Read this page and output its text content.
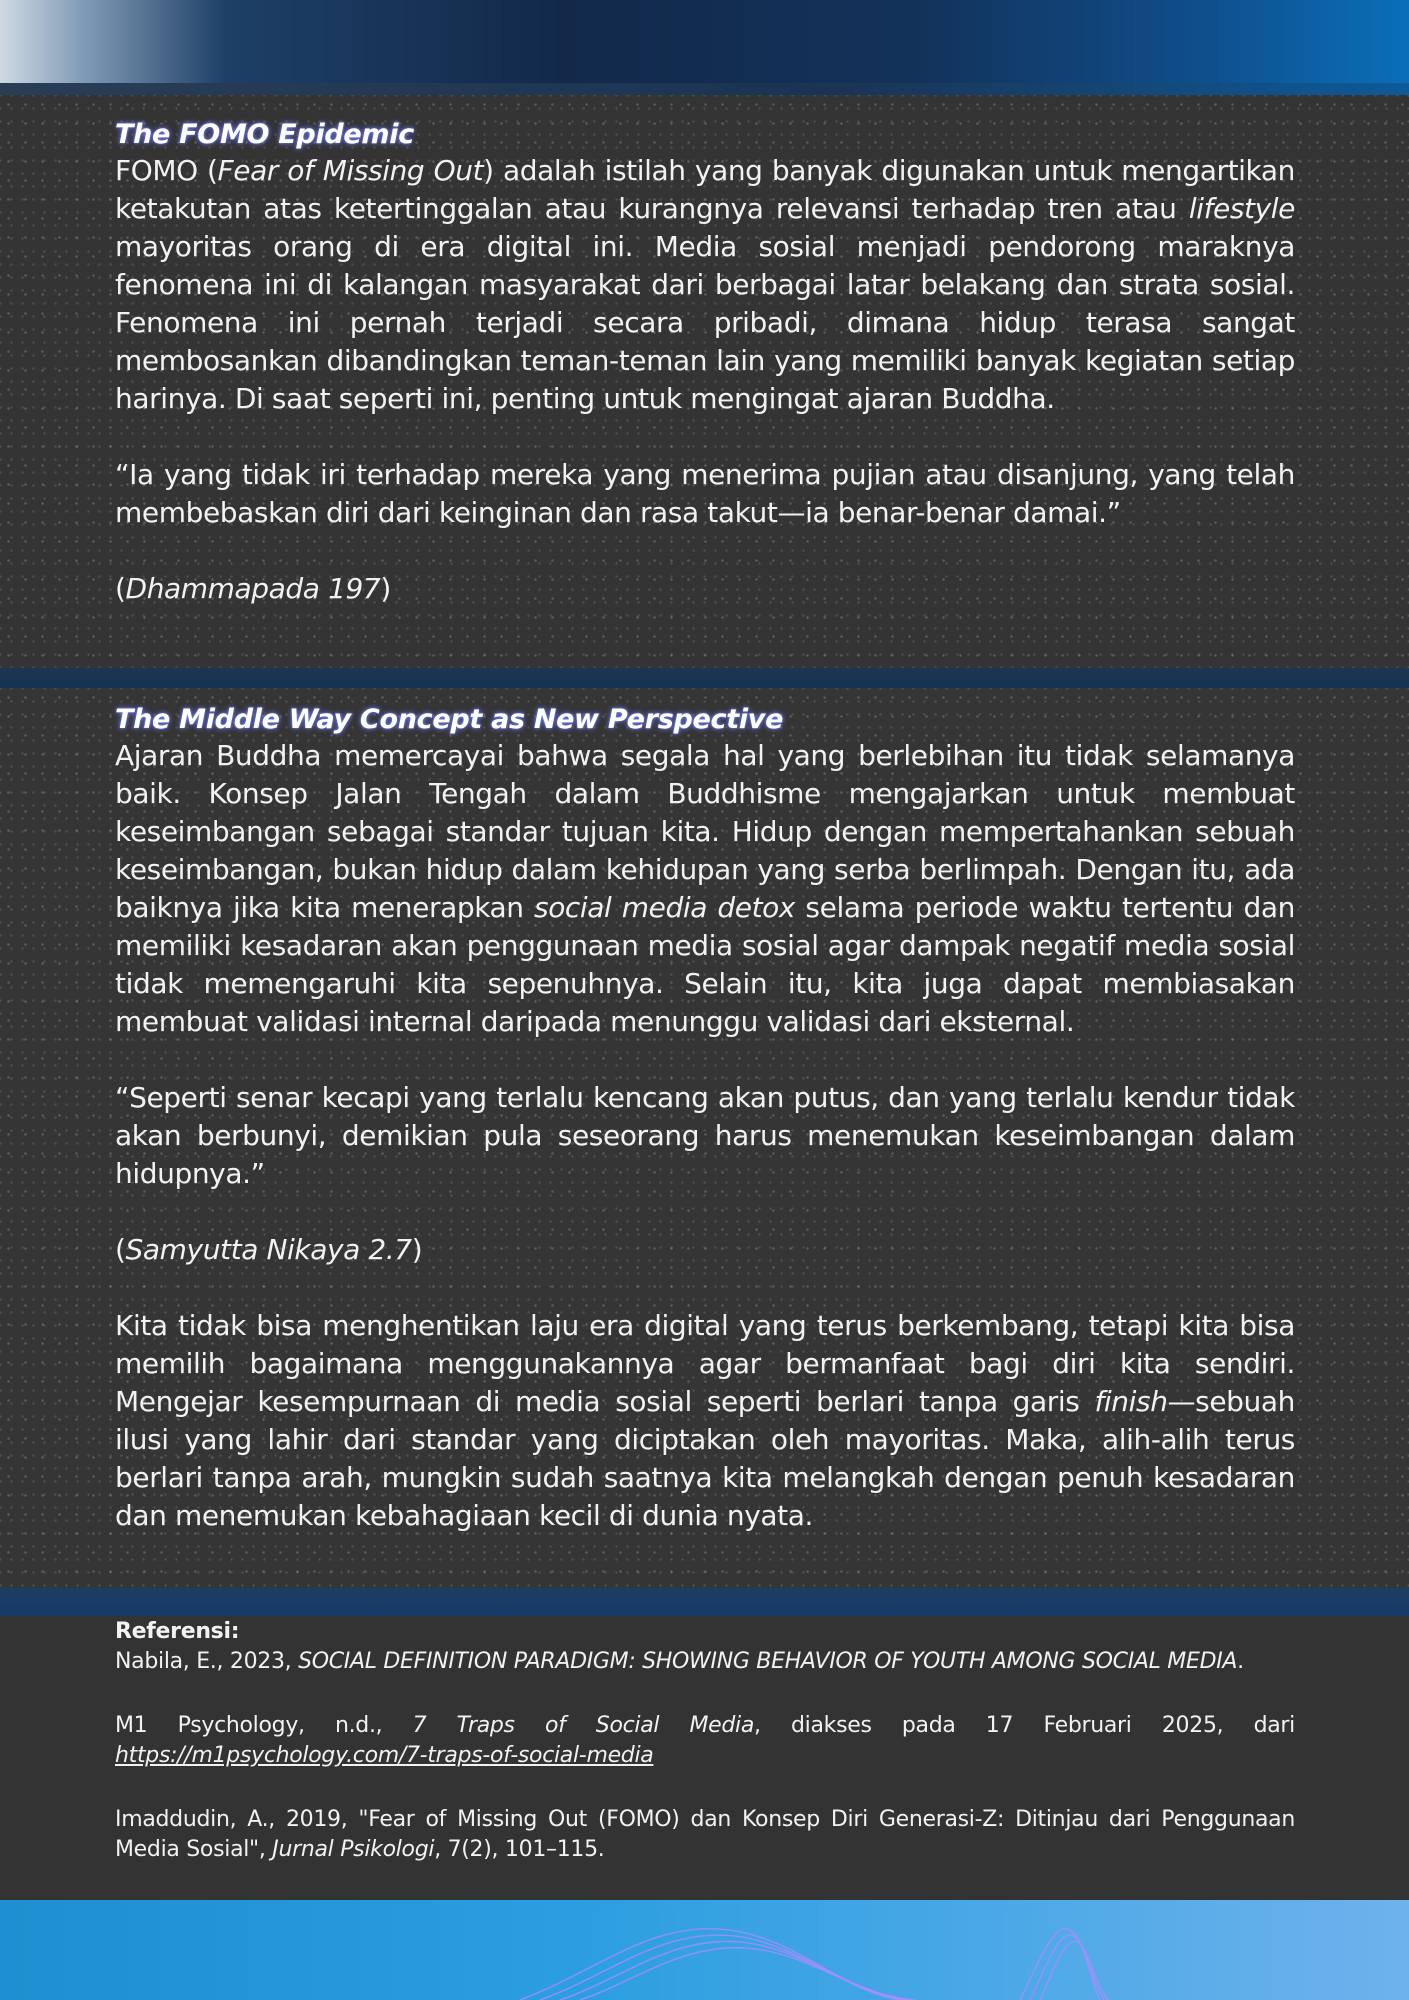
The FOMO Epidemic

FOMO (Fear of Missing Out) adalah istilah yang banyak digunakan untuk mengartikan ketakutan atas ketertinggalan atau kurangnya relevansi terhadap tren atau lifestyle mayoritas orang di era digital ini. Media sosial menjadi pendorong maraknya fenomena ini di kalangan masyarakat dari berbagai latar belakang dan strata sosial. Fenomena ini pernah terjadi secara pribadi, dimana hidup terasa sangat membosankan dibandingkan teman-teman lain yang memiliki banyak kegiatan setiap harinya. Di saat seperti ini, penting untuk mengingat ajaran Buddha.

“Ia yang tidak iri terhadap mereka yang menerima pujian atau disanjung, yang telah membebaskan diri dari keinginan dan rasa takut—ia benar-benar damai.”

(Dhammapada 197)

The Middle Way Concept as New Perspective

Ajaran Buddha memercayai bahwa segala hal yang berlebihan itu tidak selamanya baik. Konsep Jalan Tengah dalam Buddhisme mengajarkan untuk membuat keseimbangan sebagai standar tujuan kita. Hidup dengan mempertahankan sebuah keseimbangan, bukan hidup dalam kehidupan yang serba berlimpah. Dengan itu, ada baiknya jika kita menerapkan social media detox selama periode waktu tertentu dan memiliki kesadaran akan penggunaan media sosial agar dampak negatif media sosial tidak memengaruhi kita sepenuhnya. Selain itu, kita juga dapat membiasakan membuat validasi internal daripada menunggu validasi dari eksternal.

“Seperti senar kecapi yang terlalu kencang akan putus, dan yang terlalu kendur tidak akan berbunyi, demikian pula seseorang harus menemukan keseimbangan dalam hidupnya.”

(Samyutta Nikaya 2.7)

Kita tidak bisa menghentikan laju era digital yang terus berkembang, tetapi kita bisa memilih bagaimana menggunakannya agar bermanfaat bagi diri kita sendiri. Mengejar kesempurnaan di media sosial seperti berlari tanpa garis finish—sebuah ilusi yang lahir dari standar yang diciptakan oleh mayoritas. Maka, alih-alih terus berlari tanpa arah, mungkin sudah saatnya kita melangkah dengan penuh kesadaran dan menemukan kebahagiaan kecil di dunia nyata.

Referensi:

Nabila, E., 2023, SOCIAL DEFINITION PARADIGM: SHOWING BEHAVIOR OF YOUTH AMONG SOCIAL MEDIA.

M1 Psychology, n.d., 7 Traps of Social Media, diakses pada 17 Februari 2025, dari https://m1psychology.com/7-traps-of-social-media

Imaddudin, A., 2019, "Fear of Missing Out (FOMO) dan Konsep Diri Generasi-Z: Ditinjau dari Penggunaan Media Sosial", Jurnal Psikologi, 7(2), 101–115.
